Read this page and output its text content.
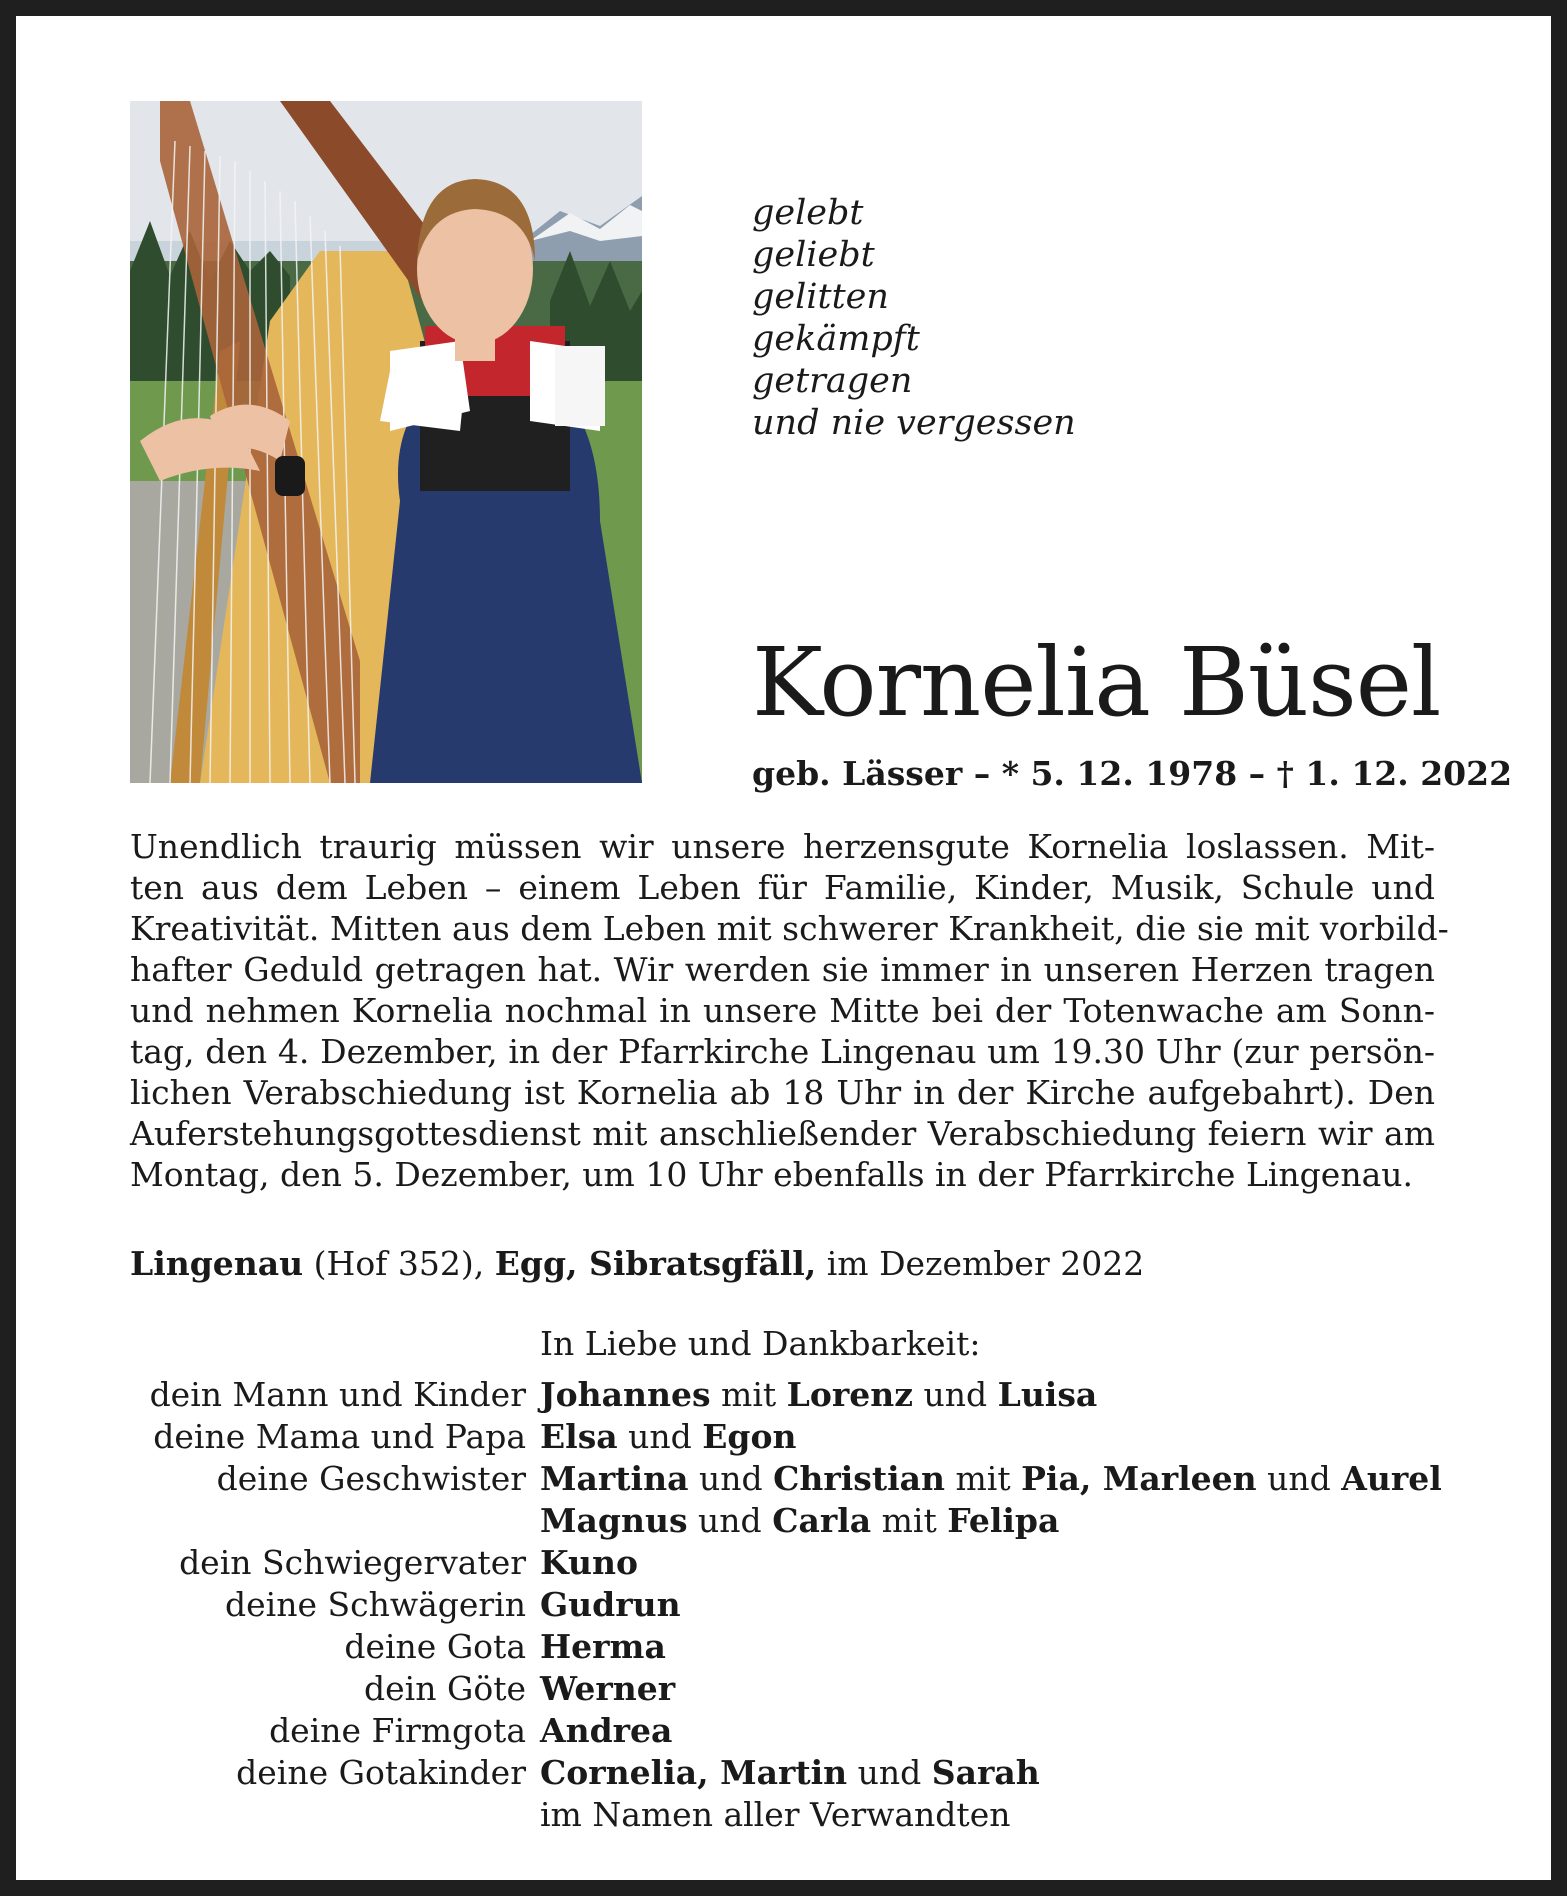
gelebt
geliebt
gelitten
gekämpft
getragen
und nie vergessen
Kornelia Büsel
geb. Lässer – * 5. 12. 1978 – † 1. 12. 2022
Unendlich traurig müssen wir unsere herzensgute Kornelia loslassen. Mit-
ten aus dem Leben – einem Leben für Familie, Kinder, Musik, Schule und
Kreativität. Mitten aus dem Leben mit schwerer Krankheit, die sie mit vorbild-
hafter Geduld getragen hat. Wir werden sie immer in unseren Herzen tragen
und nehmen Kornelia nochmal in unsere Mitte bei der Totenwache am Sonn-
tag, den 4. Dezember, in der Pfarrkirche Lingenau um 19.30 Uhr (zur persön-
lichen Verabschiedung ist Kornelia ab 18 Uhr in der Kirche aufgebahrt). Den
Auferstehungsgottesdienst mit anschließender Verabschiedung feiern wir am
Montag, den 5. Dezember, um 10 Uhr ebenfalls in der Pfarrkirche Lingenau.
Lingenau (Hof 352), Egg, Sibratsgfäll, im Dezember 2022
In Liebe und Dankbarkeit:
dein Mann und Kinder Johannes mit Lorenz und Luisa
deine Mama und Papa Elsa und Egon
deine Geschwister Martina und Christian mit Pia, Marleen und Aurel
Magnus und Carla mit Felipa
dein Schwiegervater Kuno
deine Schwägerin Gudrun
deine Gota Herma
dein Göte Werner
deine Firmgota Andrea
deine Gotakinder Cornelia, Martin und Sarah
im Namen aller Verwandten
